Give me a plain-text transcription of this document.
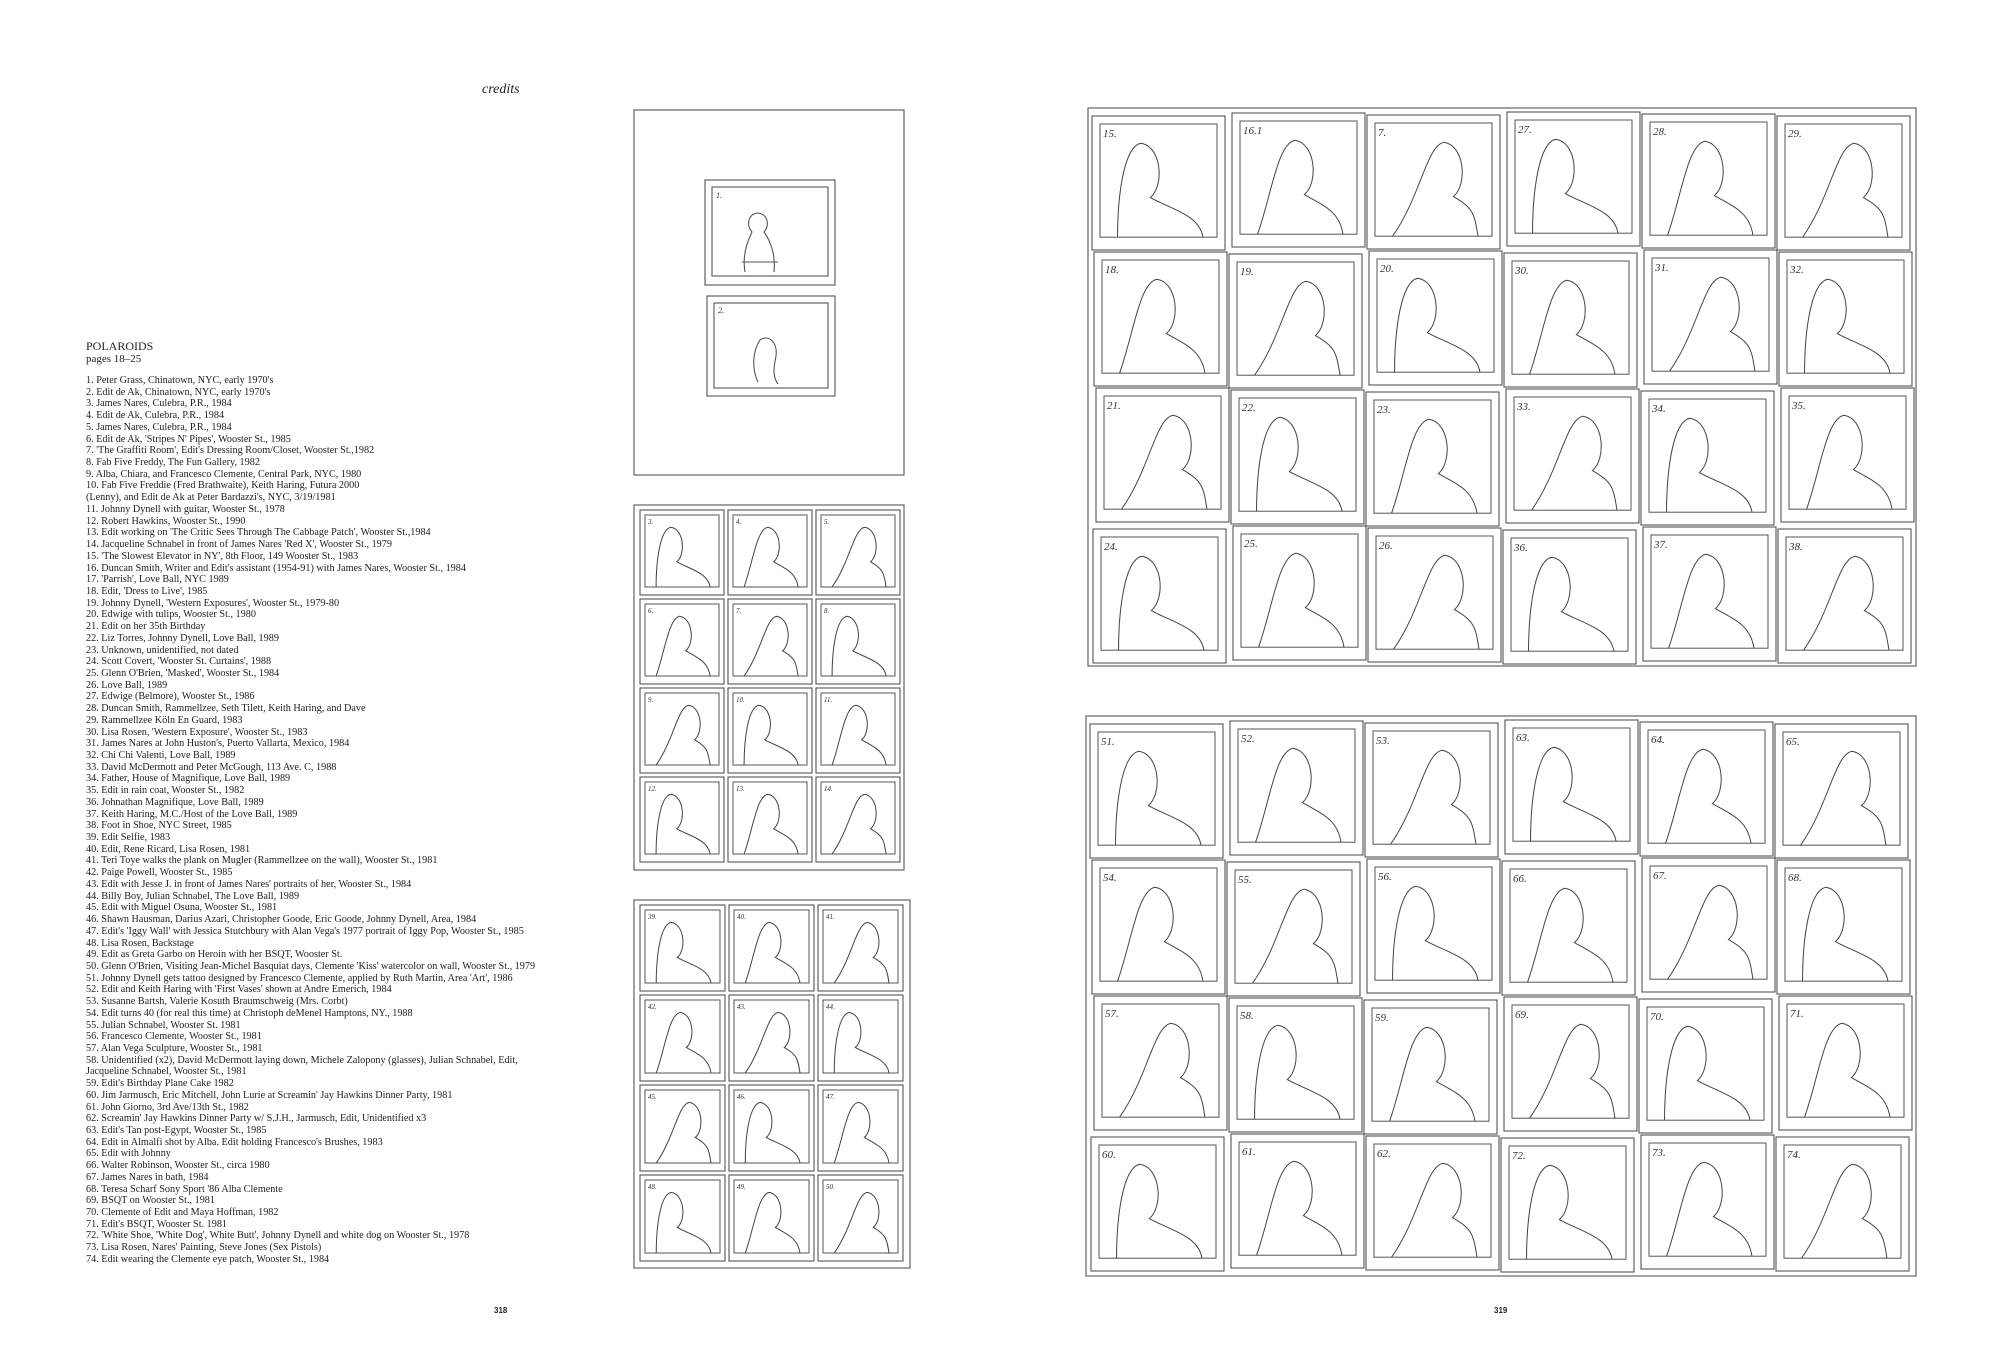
credits
POLAROIDS
pages 18–25
1. Peter Grass, Chinatown, NYC, early 1970's
2. Edit de Ak, Chinatown, NYC, early 1970's
3. James Nares, Culebra, P.R., 1984
4. Edit de Ak, Culebra, P.R., 1984
5. James Nares, Culebra, P.R., 1984
6. Edit de Ak, 'Stripes N' Pipes', Wooster St., 1985
7. 'The Graffiti Room', Edit's Dressing Room/Closet, Wooster St.,1982
8. Fab Five Freddy, The Fun Gallery, 1982
9. Alba, Chiara, and Francesco Clemente, Central Park, NYC, 1980
10. Fab Five Freddie (Fred Brathwaite), Keith Haring, Futura 2000
(Lenny), and Edit de Ak at Peter Bardazzi's, NYC, 3/19/1981
11. Johnny Dynell with guitar, Wooster St., 1978
12. Robert Hawkins, Wooster St., 1990
13. Edit working on 'The Critic Sees Through The Cabbage Patch', Wooster St.,1984
14. Jacqueline Schnabel in front of James Nares 'Red X', Wooster St., 1979
15. 'The Slowest Elevator in NY', 8th Floor, 149 Wooster St., 1983
16. Duncan Smith, Writer and Edit's assistant (1954-91) with James Nares, Wooster St., 1984
17. 'Parrish', Love Ball, NYC 1989
18. Edit, 'Dress to Live', 1985
19. Johnny Dynell, 'Western Exposures', Wooster St., 1979-80
20. Edwige with tulips, Wooster St., 1980
21. Edit on her 35th Birthday
22. Liz Torres, Johnny Dynell, Love Ball, 1989
23. Unknown, unidentified, not dated
24. Scott Covert, 'Wooster St. Curtains', 1988
25. Glenn O'Brien, 'Masked', Wooster St., 1984
26. Love Ball, 1989
27. Edwige (Belmore), Wooster St., 1986
28. Duncan Smith, Rammellzee, Seth Tilett, Keith Haring, and Dave
29. Rammellzee Köln En Guard, 1983
30. Lisa Rosen, 'Western Exposure', Wooster St., 1983
31. James Nares at John Huston's, Puerto Vallarta, Mexico, 1984
32. Chi Chi Valenti, Love Ball, 1989
33. David McDermott and Peter McGough, 113 Ave. C, 1988
34. Father, House of Magnifique, Love Ball, 1989
35. Edit in rain coat, Wooster St., 1982
36. Johnathan Magnifique, Love Ball, 1989
37. Keith Haring, M.C./Host of the Love Ball, 1989
38. Foot in Shoe, NYC Street, 1985
39. Edit Selfie, 1983
40. Edit, Rene Ricard, Lisa Rosen, 1981
41. Teri Toye walks the plank on Mugler (Rammellzee on the wall), Wooster St., 1981
42. Paige Powell, Wooster St., 1985
43. Edit with Jesse J. in front of James Nares' portraits of her, Wooster St., 1984
44. Billy Boy, Julian Schnabel, The Love Ball, 1989
45. Edit with Miguel Osuna, Wooster St., 1981
46. Shawn Hausman, Darius Azari, Christopher Goode, Eric Goode, Johnny Dynell, Area, 1984
47. Edit's 'Iggy Wall' with Jessica Stutchbury with Alan Vega's 1977 portrait of Iggy Pop, Wooster St., 1985
48. Lisa Rosen, Backstage
49. Edit as Greta Garbo on Heroin with her BSQT, Wooster St.
50. Glenn O'Brien, Visiting Jean-Michel Basquiat days, Clemente 'Kiss' watercolor on wall, Wooster St., 1979
51. Johnny Dynell gets tattoo designed by Francesco Clemente, applied by Ruth Martin, Area 'Art', 1986
52. Edit and Keith Haring with 'First Vases' shown at Andre Emerich, 1984
53. Susanne Bartsh, Valerie Kosuth Braumschweig (Mrs. Corbt)
54. Edit turns 40 (for real this time) at Christoph deMenel Hamptons, NY., 1988
55. Julian Schnabel, Wooster St. 1981
56. Francesco Clemente, Wooster St., 1981
57. Alan Vega Sculpture, Wooster St., 1981
58. Unidentified (x2), David McDermott laying down, Michele Zalopony (glasses), Julian Schnabel, Edit,
Jacqueline Schnabel, Wooster St., 1981
59. Edit's Birthday Plane Cake 1982
60. Jim Jarmusch, Eric Mitchell, John Lurie at Screamin' Jay Hawkins Dinner Party, 1981
61. John Giorno, 3rd Ave/13th St., 1982
62. Screamin' Jay Hawkins Dinner Party w/ S.J.H., Jarmusch, Edit, Unidentified x3
63. Edit's Tan post-Egypt, Wooster St., 1985
64. Edit in Almalfi shot by Alba. Edit holding Francesco's Brushes, 1983
65. Edit with Johnny
66. Walter Robinson, Wooster St., circa 1980
67. James Nares in bath, 1984
68. Teresa Scharf Sony Sport '86 Alba Clemente
69. BSQT on Wooster St., 1981
70. Clemente of Edit and Maya Hoffman, 1982
71. Edit's BSQT, Wooster St. 1981
72. 'White Shoe, 'White Dog', White Butt', Johnny Dynell and white dog on Wooster St., 1978
73. Lisa Rosen, Nares' Painting, Steve Jones (Sex Pistols)
74. Edit wearing the Clemente eye patch, Wooster St., 1984
318	319
3.	4.	5.
6.	7.	8.
9.	10.	11.
12.	13.	14.
39.	40.	41.
42.	43.	44.
45.	46.	47.
48.	49.	50.
15.	16.1	7.	27.	28.	29.
18.	19.	20.	30.	31.	32.
21.	22.	23.	33.	34.	35.
24.	25.	26.	36.	37.	38.
51.	52.	53.	63.	64.	65.
54.	55.	56.	66.	67.	68.
57.	58.	59.	69.	70.	71.
60.	61.	62.	72.	73.	74.
1.
2.
